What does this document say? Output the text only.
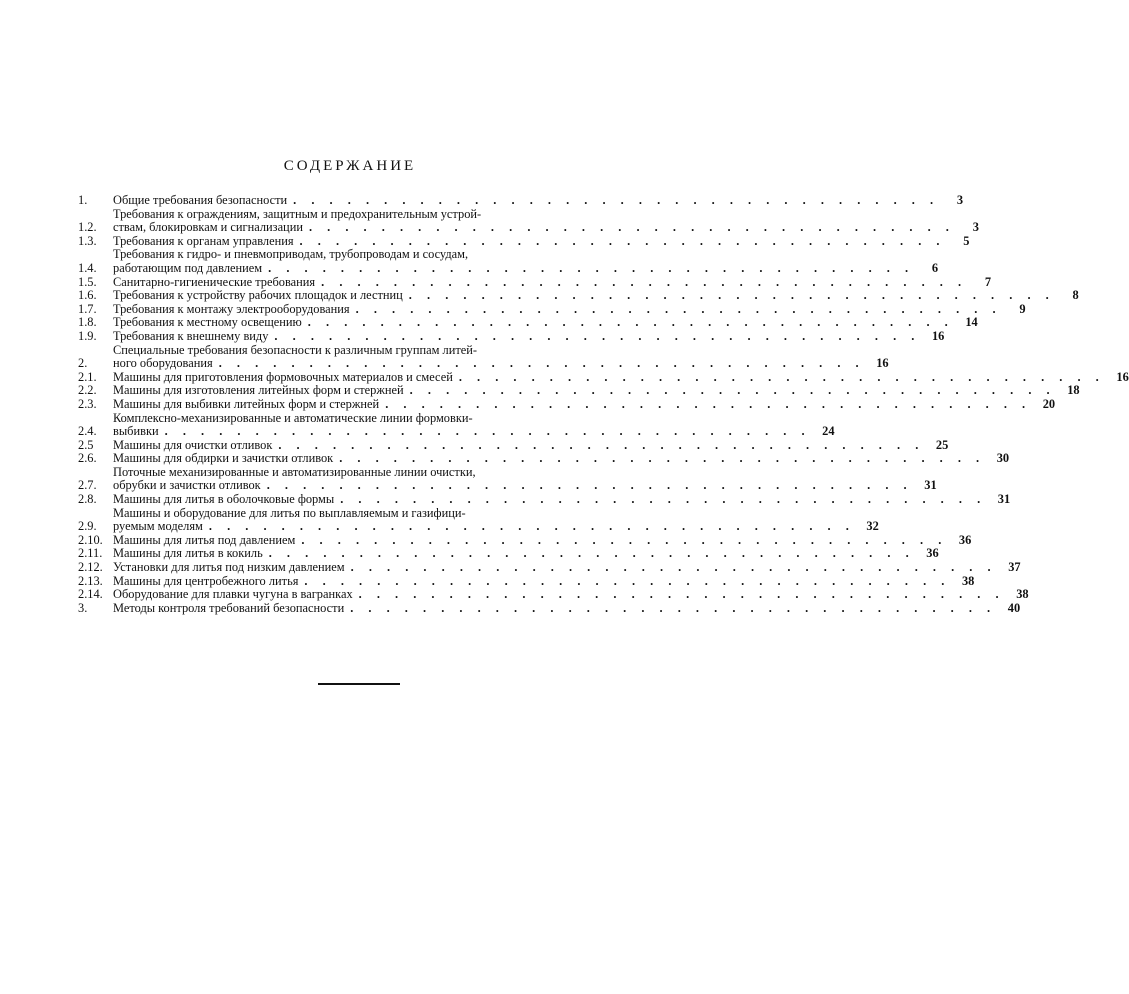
СОДЕРЖАНИЕ
1.	Общие требования безопасности . . . . . . . . . . . . . . . . . . . . . . . . . . . . . . . . . . . .	3
1.2.
Требования к ограждениям, защитным и предохранительным устрой-
ствам, блокировкам и сигнализации . . . . . . . . . . . . . . . . . . . . . . . . . . . . . . . . . . . .	3
1.3.	Требования к органам управления . . . . . . . . . . . . . . . . . . . . . . . . . . . . . . . . . . . .	5
1.4.
Требования к гидро- и пневмоприводам, трубопроводам и сосудам,
работающим под давлением . . . . . . . . . . . . . . . . . . . . . . . . . . . . . . . . . . . .	6
1.5.	Санитарно-гигиенические требования . . . . . . . . . . . . . . . . . . . . . . . . . . . . . . . . . . . .	7
1.6.	Требования к устройству рабочих площадок и лестниц . . . . . . . . . . . . . . . . . . . . . . . . . . . . . . . . . . . .	8
1.7.	Требования к монтажу электрооборудования . . . . . . . . . . . . . . . . . . . . . . . . . . . . . . . . . . . .	9
1.8.	Требования к местному освещению . . . . . . . . . . . . . . . . . . . . . . . . . . . . . . . . . . . . 14
1.9.	Требования к внешнему виду . . . . . . . . . . . . . . . . . . . . . . . . . . . . . . . . . . . . 16
2.
Специальные требования безопасности к различным группам литей-
ного оборудования . . . . . . . . . . . . . . . . . . . . . . . . . . . . . . . . . . . . 16
2.1.	Машины для приготовления формовочных материалов и смесей . . . . . . . . . . . . . . . . . . . . . . . . . . . . . . . . . . . . 16
2.2.	Машины для изготовления литейных форм и стержней . . . . . . . . . . . . . . . . . . . . . . . . . . . . . . . . . . . . 18
2.3.	Машины для выбивки литейных форм и стержней . . . . . . . . . . . . . . . . . . . . . . . . . . . . . . . . . . . . 20
2.4.
Комплексно-механизированные и автоматические линии формовки-
выбивки . . . . . . . . . . . . . . . . . . . . . . . . . . . . . . . . . . . . 24
2.5	Машины для очистки отливок . . . . . . . . . . . . . . . . . . . . . . . . . . . . . . . . . . . . 25
2.6.	Машины для обдирки и зачистки отливок . . . . . . . . . . . . . . . . . . . . . . . . . . . . . . . . . . . . 30
2.7.
Поточные механизированные и автоматизированные линии очистки,
обрубки и зачистки отливок . . . . . . . . . . . . . . . . . . . . . . . . . . . . . . . . . . . . 31
2.8.	Машины для литья в оболочковые формы . . . . . . . . . . . . . . . . . . . . . . . . . . . . . . . . . . . . 31
2.9.
Машины и оборудование для литья по выплавляемым и газифици-
руемым моделям . . . . . . . . . . . . . . . . . . . . . . . . . . . . . . . . . . . . 32
2.10. Машины для литья под давлением . . . . . . . . . . . . . . . . . . . . . . . . . . . . . . . . . . . . 36
2.11. Машины для литья в кокиль . . . . . . . . . . . . . . . . . . . . . . . . . . . . . . . . . . . . 36
2.12. Установки для литья под низким давлением . . . . . . . . . . . . . . . . . . . . . . . . . . . . . . . . . . . . 37
2.13. Машины для центробежного литья . . . . . . . . . . . . . . . . . . . . . . . . . . . . . . . . . . . . 38
2.14. Оборудование для плавки чугуна в вагранках . . . . . . . . . . . . . . . . . . . . . . . . . . . . . . . . . . . . 38
3.	Методы контроля требований безопасности . . . . . . . . . . . . . . . . . . . . . . . . . . . . . . . . . . . . 40
